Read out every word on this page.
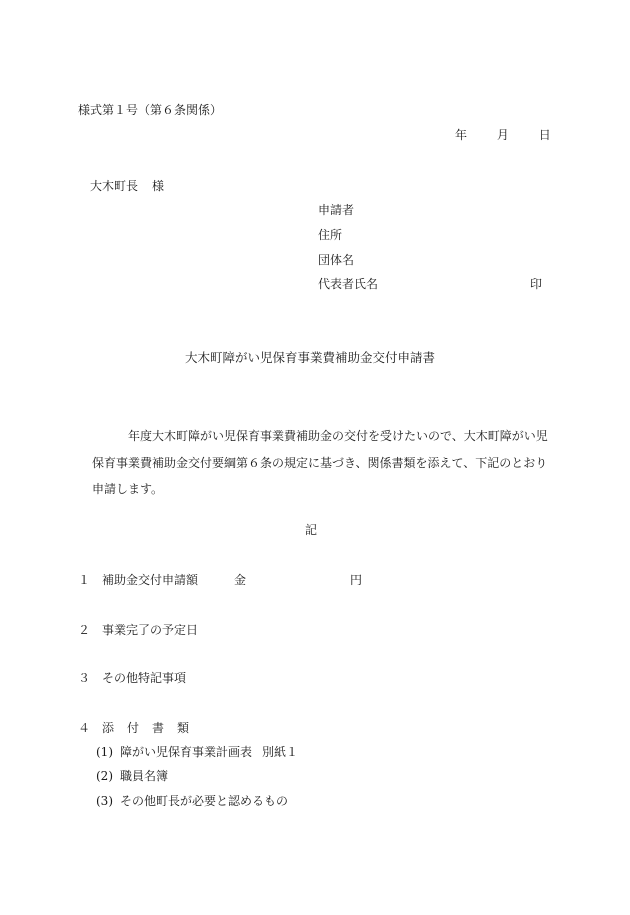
様式第１号（第６条関係）
年 月 日
大木町長 様
申請者
住所
団体名
代表者氏名	印
大木町障がい児保育事業費補助金交付申請書
年度大木町障がい児保育事業費補助金の交付を受けたいので、大木町障がい児保育事業費補助金交付要綱第６条の規定に基づき、関係書類を添えて、下記のとおり申請します。
記
１ 補助金交付申請額	金	円
２ 事業完了の予定日
３ その他特記事項
４ 添付書類
(1) 障がい児保育事業計画表 別紙１
(2) 職員名簿
(3) その他町長が必要と認めるもの
